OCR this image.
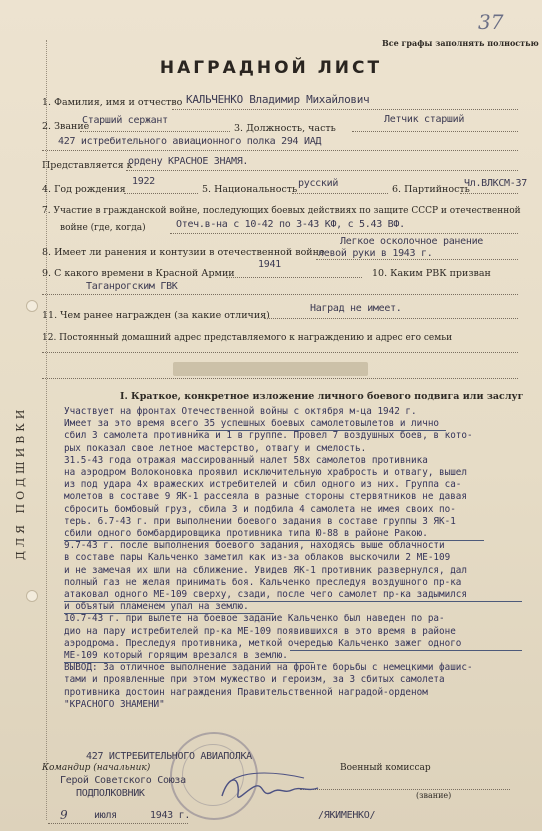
ДЛЯ ПОДШИВКИ
Все графы заполнять полностью
37
НАГРАДНОЙ ЛИСТ
1. Фамилия, имя и отчество КАЛЬЧЕНКО Владимир Михайлович
2. Звание
Старший сержант
3. Должность, часть
Летчик старший
427 истребительного авиационного полка 294 ИАД
Представляется к
ордену КРАСНОЕ ЗНАМЯ.
4. Год рождения
1922
5. Национальность
русский
6. Партийность
Чл.ВЛКСМ-37
7. Участие в гражданской войне, последующих боевых действиях по защите СССР и отечественной
войне (где, когда)	Отеч.в-на с 10-42 по 3-43 КФ, с 5.43 ВФ.
8. Имеет ли ранения и контузии в отечественной войне
Легкое осколочное ранение
левой руки в 1943 г.
9. С какого времени в Красной Армии
1941
10. Каким РВК призван
Таганрогским ГВК
11. Чем ранее награжден (за какие отличия)
Наград не имеет.
12. Постоянный домашний адрес представляемого к награждению и адрес его семьи
I. Краткое, конкретное изложение личного боевого подвига или заслуг

Участвует на фронтах Отечественной войны с октября м-ца 1942 г.

Имеет за это время всего 35 успешных боевых самолетовылетов и лично

сбил 3 самолета противника и 1 в группе. Провел 7 воздушных боев, в кото-

рых показал свое летное мастерство, отвагу и смелость.

31.5-43 года отражая массированный налет 58х самолетов противника

на аэродром Волоконовка проявил исключительную храбрость и отвагу, вышел

из под удара 4х вражеских истребителей и сбил одного из них. Группа са-

молетов в составе 9 ЯК-1 рассеяла в разные стороны стервятников не давая

сбросить бомбовый груз, сбила 3 и подбила 4 самолета не имея своих по-

терь. 6.7-43 г. при выполнении боевого задания в составе группы 3 ЯК-1

сбили одного бомбардировщика противника типа Ю-88 в районе Ракою.

9.7-43 г. после выполнения боевого задания, находясь выше облачности

в составе пары Кальченко заметил как из-за облаков выскочили 2 МЕ-109

и не замечая их шли на сближение. Увидев ЯК-1 противник развернулся, дал

полный газ не желая принимать боя. Кальченко преследуя воздушного пр-ка

атаковал одного МЕ-109 сверху, сзади, после чего самолет пр-ка задымился

и объятый пламенем упал на землю.

10.7-43 г. при вылете на боевое задание Кальченко был наведен по ра-

дио на пару истребителей пр-ка МЕ-109 появившихся в это время в районе

аэродрома. Преследуя противника, меткой очередью Кальченко зажег одного

МЕ-109 который горящим врезался в землю.

ВЫВОД: За отличное выполнение заданий на фронте борьбы с немецкими фашис-

тами и проявленные при этом мужество и героизм, за 3 сбитых самолета

противника достоин награждения Правительственной наградой-орденом

"КРАСНОГО ЗНАМЕНИ"

Командир (начальник)
427 ИСТРЕБИТЕЛЬНОГО АВИАПОЛКА
Герой Советского Союза
ПОДПОЛКОВНИК
Военный комиссар
(звание)
9	июля	1943 г.	/ЯКИМЕНКО/
